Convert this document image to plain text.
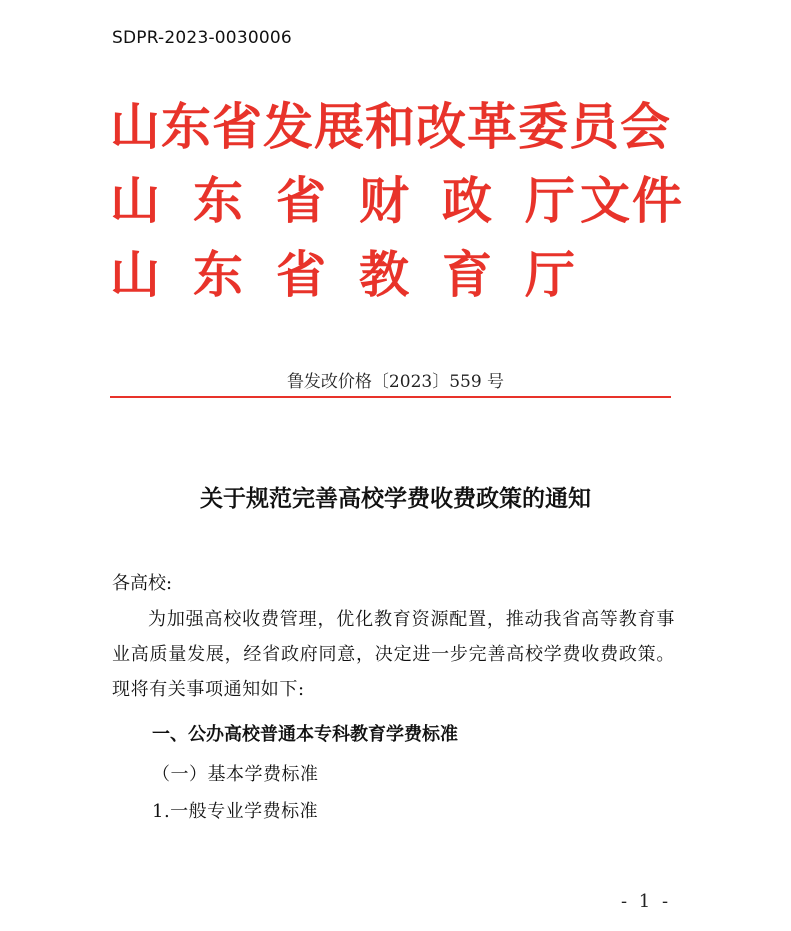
SDPR-2023-0030006
山东省发展和改革委员会
山东省财政厅
文件
山东省教育厅
鲁发改价格〔2023〕559 号
关于规范完善高校学费收费政策的通知
各高校:
为加强高校收费管理，优化教育资源配置，推动我省高等教育事业高质量发展，经省政府同意，决定进一步完善高校学费收费政策。现将有关事项通知如下:
一、公办高校普通本专科教育学费标准
（一）基本学费标准
1.一般专业学费标准
- 1 -
